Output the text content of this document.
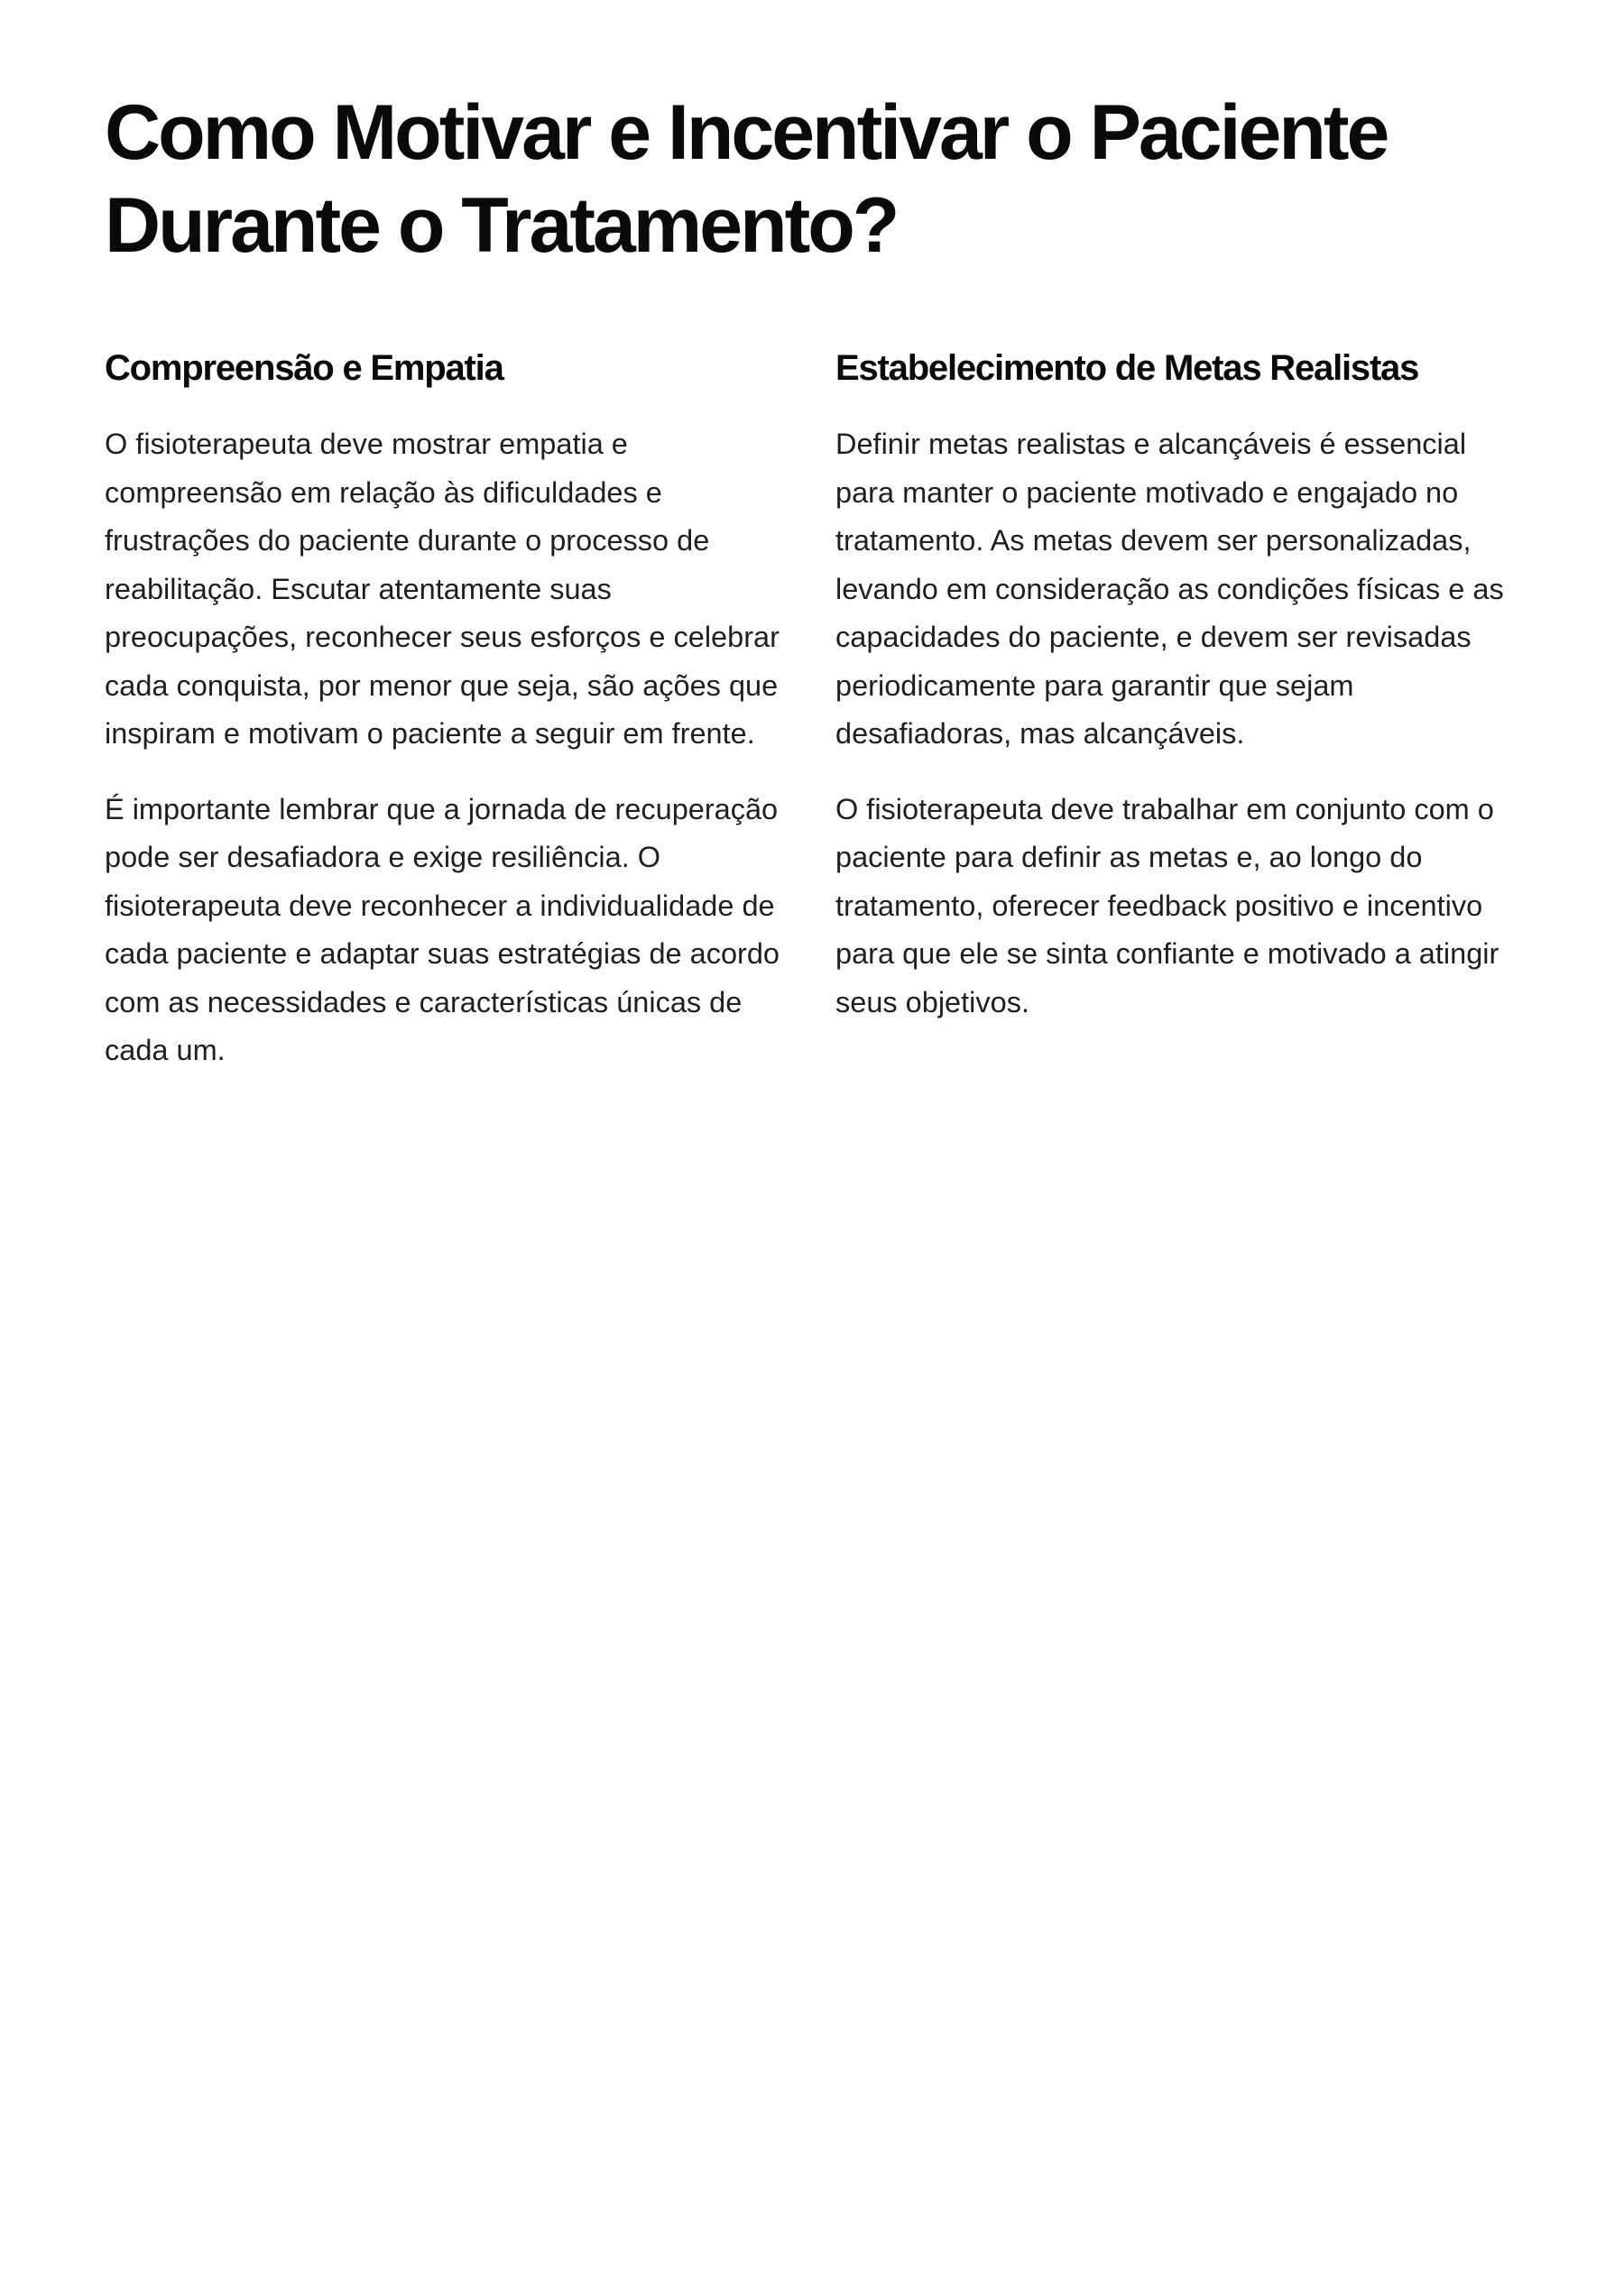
Como Motivar e Incentivar o Paciente Durante o Tratamento?
Compreensão e Empatia

O fisioterapeuta deve mostrar empatia e compreensão em relação às dificuldades e frustrações do paciente durante o processo de reabilitação. Escutar atentamente suas preocupações, reconhecer seus esforços e celebrar cada conquista, por menor que seja, são ações que inspiram e motivam o paciente a seguir em frente.

É importante lembrar que a jornada de recuperação pode ser desafiadora e exige resiliência. O fisioterapeuta deve reconhecer a individualidade de cada paciente e adaptar suas estratégias de acordo com as necessidades e características únicas de cada um.

Estabelecimento de Metas Realistas

Definir metas realistas e alcançáveis é essencial para manter o paciente motivado e engajado no tratamento. As metas devem ser personalizadas, levando em consideração as condições físicas e as capacidades do paciente, e devem ser revisadas periodicamente para garantir que sejam desafiadoras, mas alcançáveis.

O fisioterapeuta deve trabalhar em conjunto com o paciente para definir as metas e, ao longo do tratamento, oferecer feedback positivo e incentivo para que ele se sinta confiante e motivado a atingir seus objetivos.
